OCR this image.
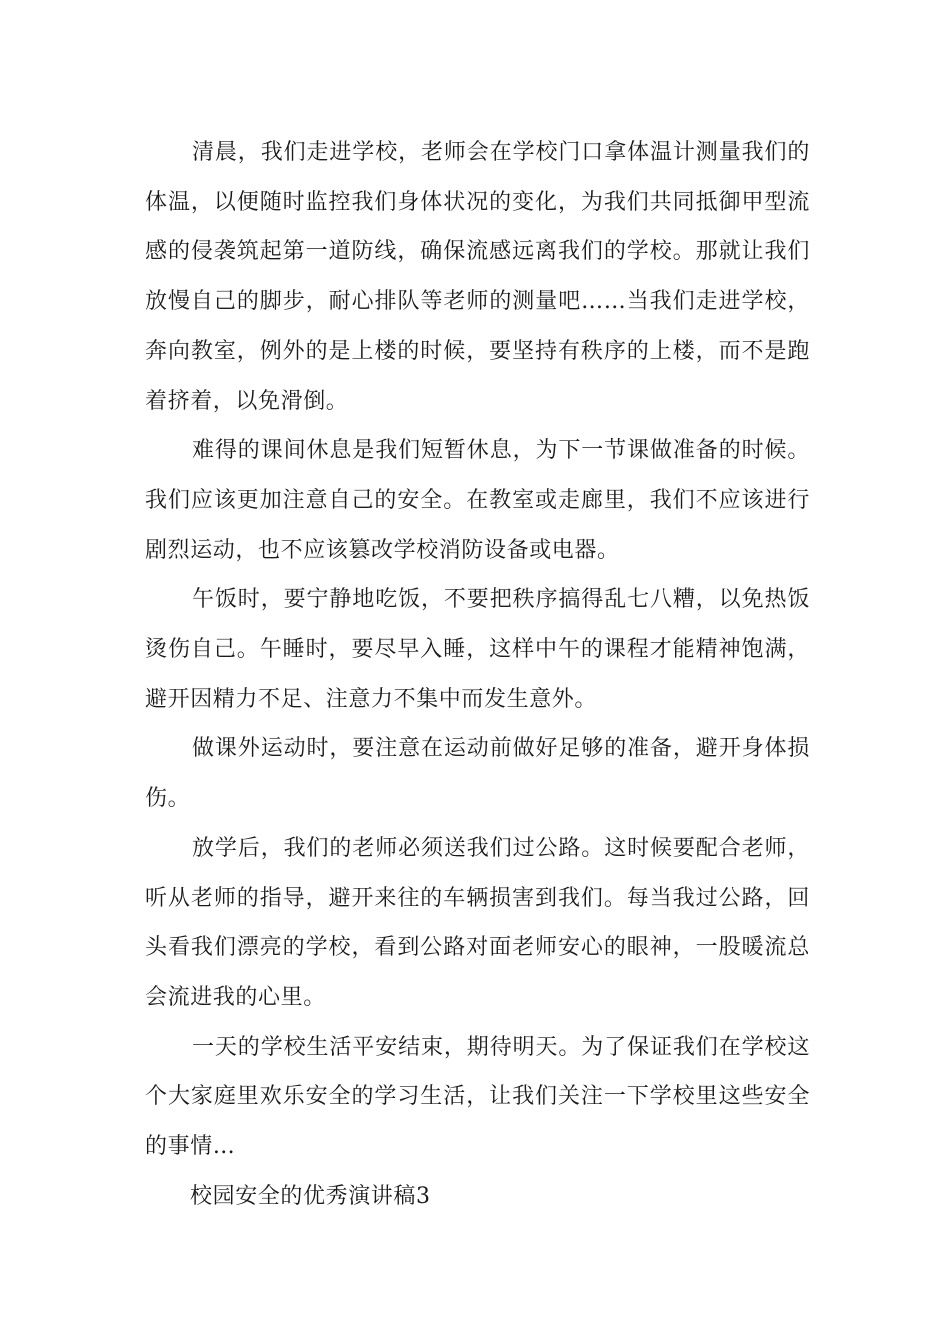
清晨，我们走进学校，老师会在学校门口拿体温计测量我们的体温，以便随时监控我们身体状况的变化，为我们共同抵御甲型流感的侵袭筑起第一道防线，确保流感远离我们的学校。那就让我们放慢自己的脚步，耐心排队等老师的测量吧……当我们走进学校，奔向教室，例外的是上楼的时候，要坚持有秩序的上楼，而不是跑着挤着，以免滑倒。

难得的课间休息是我们短暂休息，为下一节课做准备的时候。我们应该更加注意自己的安全。在教室或走廊里，我们不应该进行剧烈运动，也不应该篡改学校消防设备或电器。

午饭时，要宁静地吃饭，不要把秩序搞得乱七八糟，以免热饭烫伤自己。午睡时，要尽早入睡，这样中午的课程才能精神饱满，避开因精力不足、注意力不集中而发生意外。

做课外运动时，要注意在运动前做好足够的准备，避开身体损伤。

放学后，我们的老师必须送我们过公路。这时候要配合老师，听从老师的指导，避开来往的车辆损害到我们。每当我过公路，回头看我们漂亮的学校，看到公路对面老师安心的眼神，一股暖流总会流进我的心里。

一天的学校生活平安结束，期待明天。为了保证我们在学校这个大家庭里欢乐安全的学习生活，让我们关注一下学校里这些安全的事情…

校园安全的优秀演讲稿3
